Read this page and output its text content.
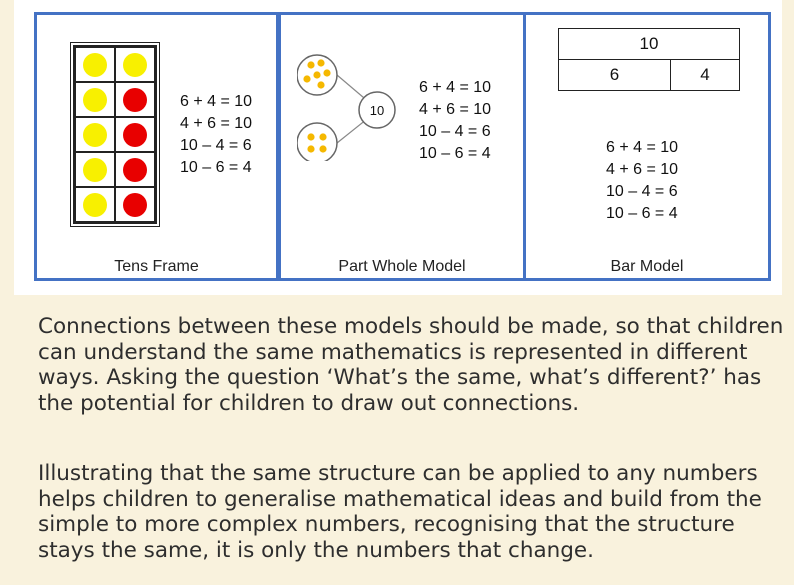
6 + 4 = 10
4 + 6 = 10
10 – 4 = 6
10 – 6 = 4
Tens Frame
10
6 + 4 = 10
4 + 6 = 10
10 – 4 = 6
10 – 6 = 4
Part Whole Model
10
6	4
6 + 4 = 10
4 + 6 = 10
10 – 4 = 6
10 – 6 = 4
Bar Model

Connections between these models should be made, so that children can understand the same mathematics is represented in different ways. Asking the question ‘What’s the same, what’s different?’ has the potential for children to draw out connections.

Illustrating that the same structure can be applied to any numbers helps children to generalise mathematical ideas and build from the simple to more complex numbers, recognising that the structure stays the same, it is only the numbers that change.
